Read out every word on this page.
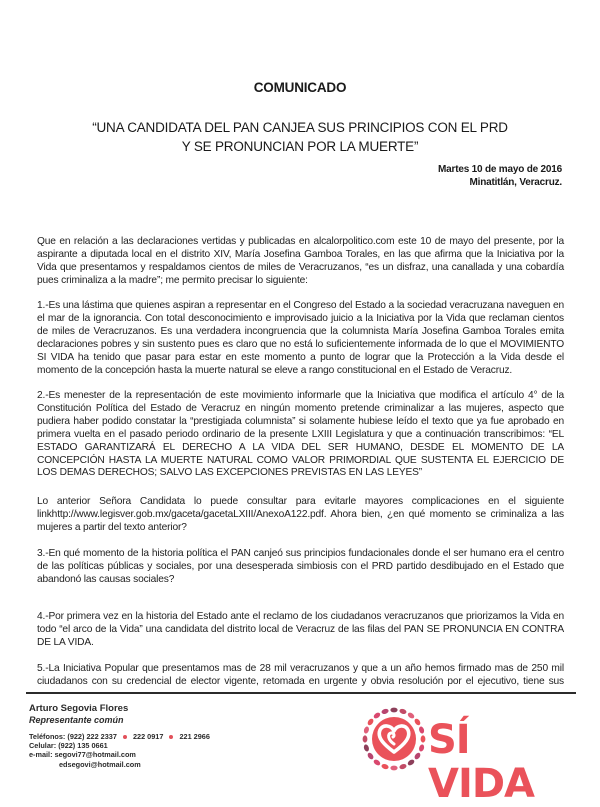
COMUNICADO
“UNA CANDIDATA DEL PAN CANJEA SUS PRINCIPIOS CON EL PRD
Y SE PRONUNCIAN POR LA MUERTE”
Martes 10 de mayo de 2016
Minatitlán, Veracruz.

Que en relación a las declaraciones vertidas y publicadas en alcalorpolitico.com este 10 de mayo del presente, por la aspirante a diputada local en el distrito XIV, María Josefina Gamboa Torales, en las que afirma que la Iniciativa por la Vida que presentamos y respaldamos cientos de miles de Veracruzanos, “es un disfraz, una canallada y una cobardía pues criminaliza a la madre”; me permito precisar lo siguiente:

1.-Es una lástima que quienes aspiran a representar en el Congreso del Estado a la sociedad veracruzana naveguen en el mar de la ignorancia. Con total desconocimiento e improvisado juicio a la Iniciativa por la Vida que reclaman cientos de miles de Veracruzanos. Es una verdadera incongruencia que la columnista María Josefina Gamboa Torales emita declaraciones pobres y sin sustento pues es claro que no está lo suficientemente informada de lo que el MOVIMIENTO SI VIDA ha tenido que pasar para estar en este momento a punto de lograr que la Protección a la Vida desde el momento de la concepción hasta la muerte natural se eleve a rango constitucional en el Estado de Veracruz.

2.-Es menester de la representación de este movimiento informarle que la Iniciativa que modifica el artículo 4° de la Constitución Política del Estado de Veracruz en ningún momento pretende criminalizar a las mujeres, aspecto que pudiera haber podido constatar la “prestigiada columnista” si solamente hubiese leído el texto que ya fue aprobado en primera vuelta en el pasado periodo ordinario de la presente LXIII Legislatura y que a continuación transcribimos: “EL ESTADO GARANTIZARÁ EL DERECHO A LA VIDA DEL SER HUMANO, DESDE EL MOMENTO DE LA CONCEPCIÓN HASTA LA MUERTE NATURAL COMO VALOR PRIMORDIAL QUE SUSTENTA EL EJERCICIO DE LOS DEMAS DERECHOS; SALVO LAS EXCEPCIONES PREVISTAS EN LAS LEYES”

Lo anterior Señora Candidata lo puede consultar para evitarle mayores complicaciones en el siguiente linkhttp://www.legisver.gob.mx/gaceta/gacetaLXIII/AnexoA122.pdf. Ahora bien, ¿en qué momento se criminaliza a las mujeres a partir del texto anterior?

3.-En qué momento de la historia política el PAN canjeó sus principios fundacionales donde el ser humano era el centro de las políticas públicas y sociales, por una desesperada simbiosis con el PRD partido desdibujado en el Estado que abandonó las causas sociales?

4.-Por primera vez en la historia del Estado ante el reclamo de los ciudadanos veracruzanos que priorizamos la Vida en todo “el arco de la Vida” una candidata del distrito local de Veracruz de las filas del PAN SE PRONUNCIA EN CONTRA DE LA VIDA.

5.-La Iniciativa Popular que presentamos mas de 28 mil veracruzanos y que a un año hemos firmado mas de 250 mil ciudadanos con su credencial de elector vigente, retomada en urgente y obvia resolución por el ejecutivo, tiene sus

Arturo Segovia Flores
Representante común
Teléfonos: (922) 222 2337 222 0917 221 2966
Celular: (922) 135 0661
e-mail: segovi77@hotmail.com
edsegovi@hotmail.com
SÍ VIDA
